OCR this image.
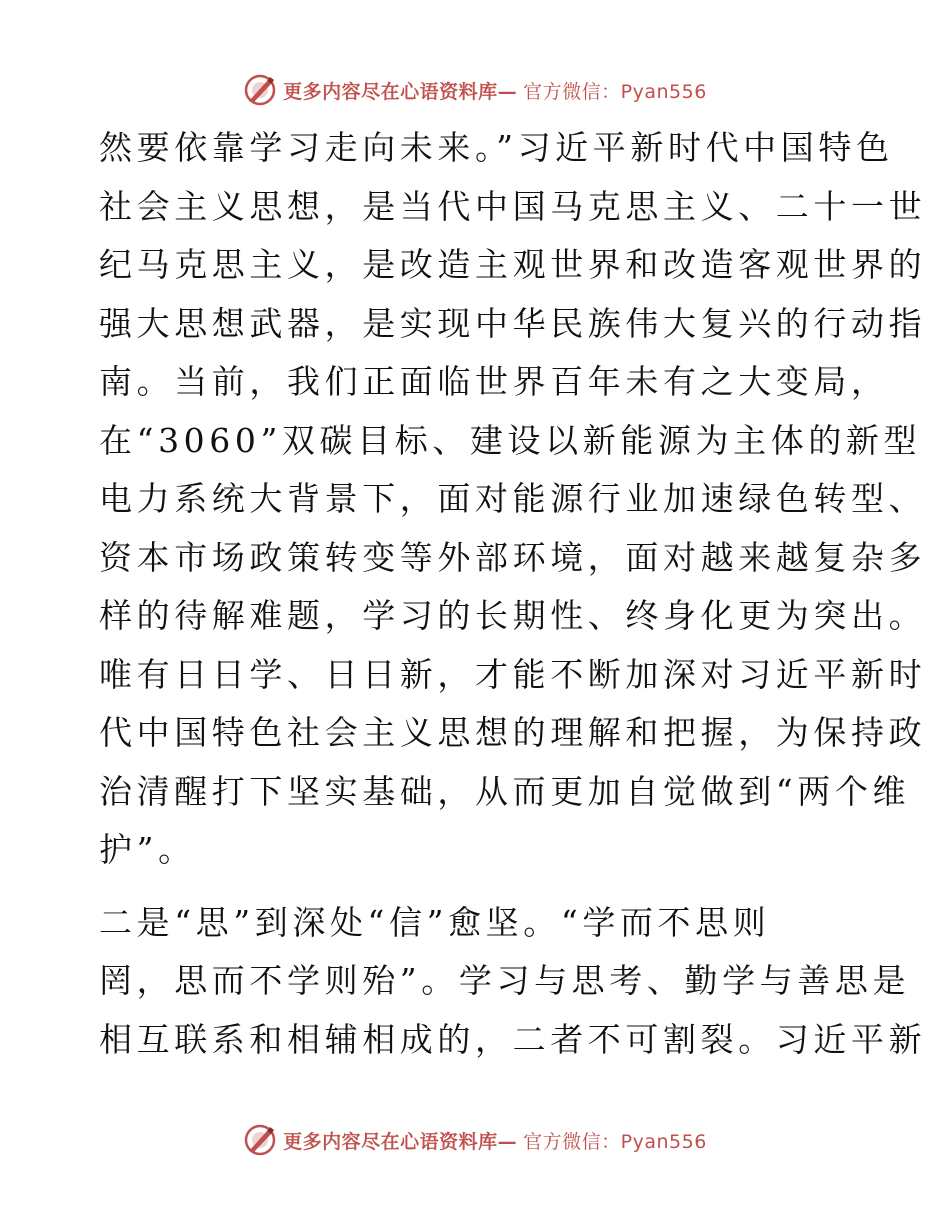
更多内容尽在心语资料库— 官方微信：Pyan556
然要依靠学习走向未来。”习近平新时代中国特色
社会主义思想，是当代中国马克思主义、二十一世
纪马克思主义，是改造主观世界和改造客观世界的
强大思想武器，是实现中华民族伟大复兴的行动指
南。当前，我们正面临世界百年未有之大变局，
在“3060”双碳目标、建设以新能源为主体的新型
电力系统大背景下，面对能源行业加速绿色转型、
资本市场政策转变等外部环境，面对越来越复杂多
样的待解难题，学习的长期性、终身化更为突出。
唯有日日学、日日新，才能不断加深对习近平新时
代中国特色社会主义思想的理解和把握，为保持政
治清醒打下坚实基础，从而更加自觉做到“两个维
护”。
二是“思”到深处“信”愈坚。“学而不思则
罔，思而不学则殆”。学习与思考、勤学与善思是
相互联系和相辅相成的，二者不可割裂。习近平新
更多内容尽在心语资料库— 官方微信：Pyan556
